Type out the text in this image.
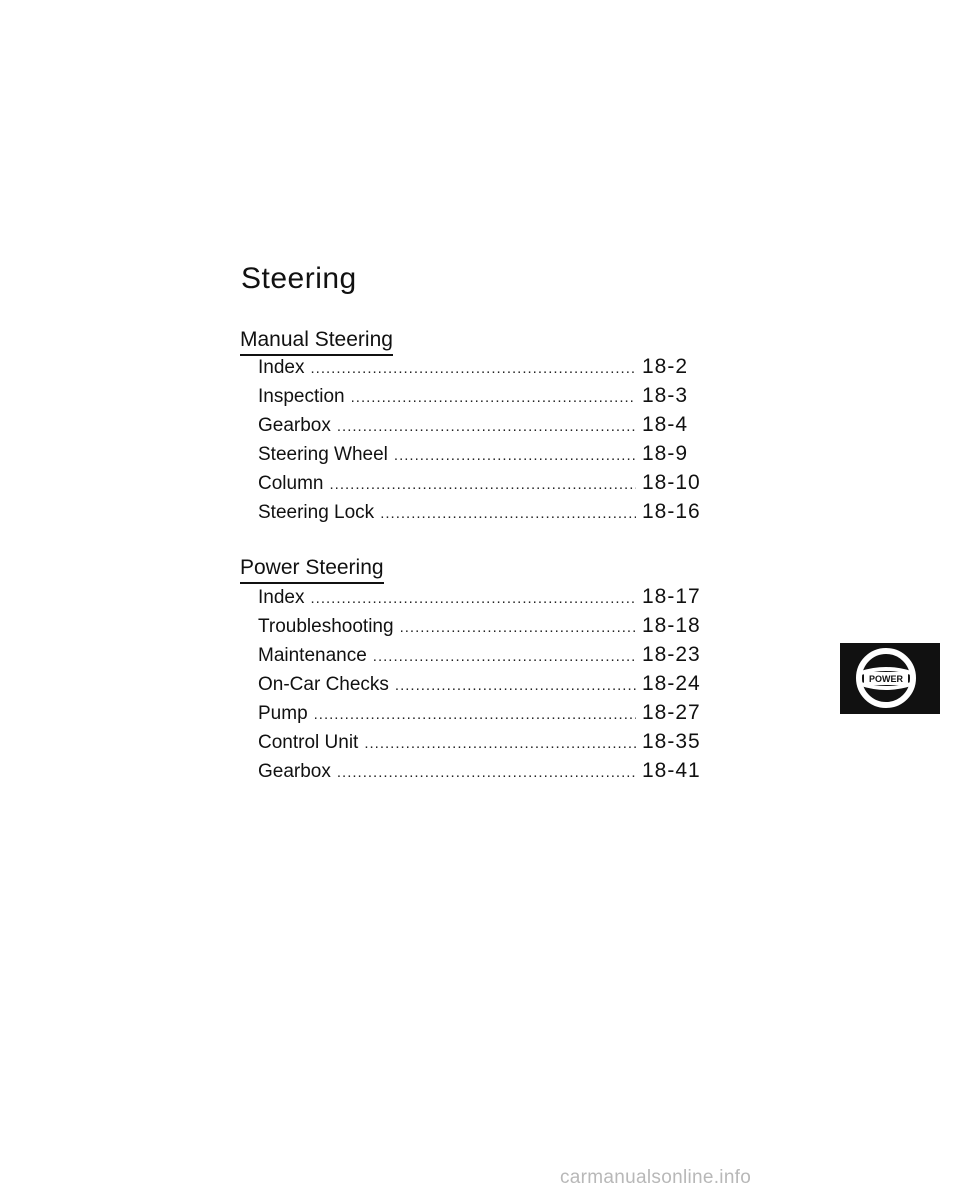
Steering
Manual Steering
Index .....	18-2
Inspection .....	18-3
Gearbox .....	18-4
Steering Wheel .....	18-9
Column .....	18-10
Steering Lock .....	18-16
Power Steering
Index .....	18-17
Troubleshooting .....	18-18
Maintenance .....	18-23
On-Car Checks .....	18-24
Pump .....	18-27
Control Unit .....	18-35
Gearbox .....	18-41
POWER
carmanualsonline.info
